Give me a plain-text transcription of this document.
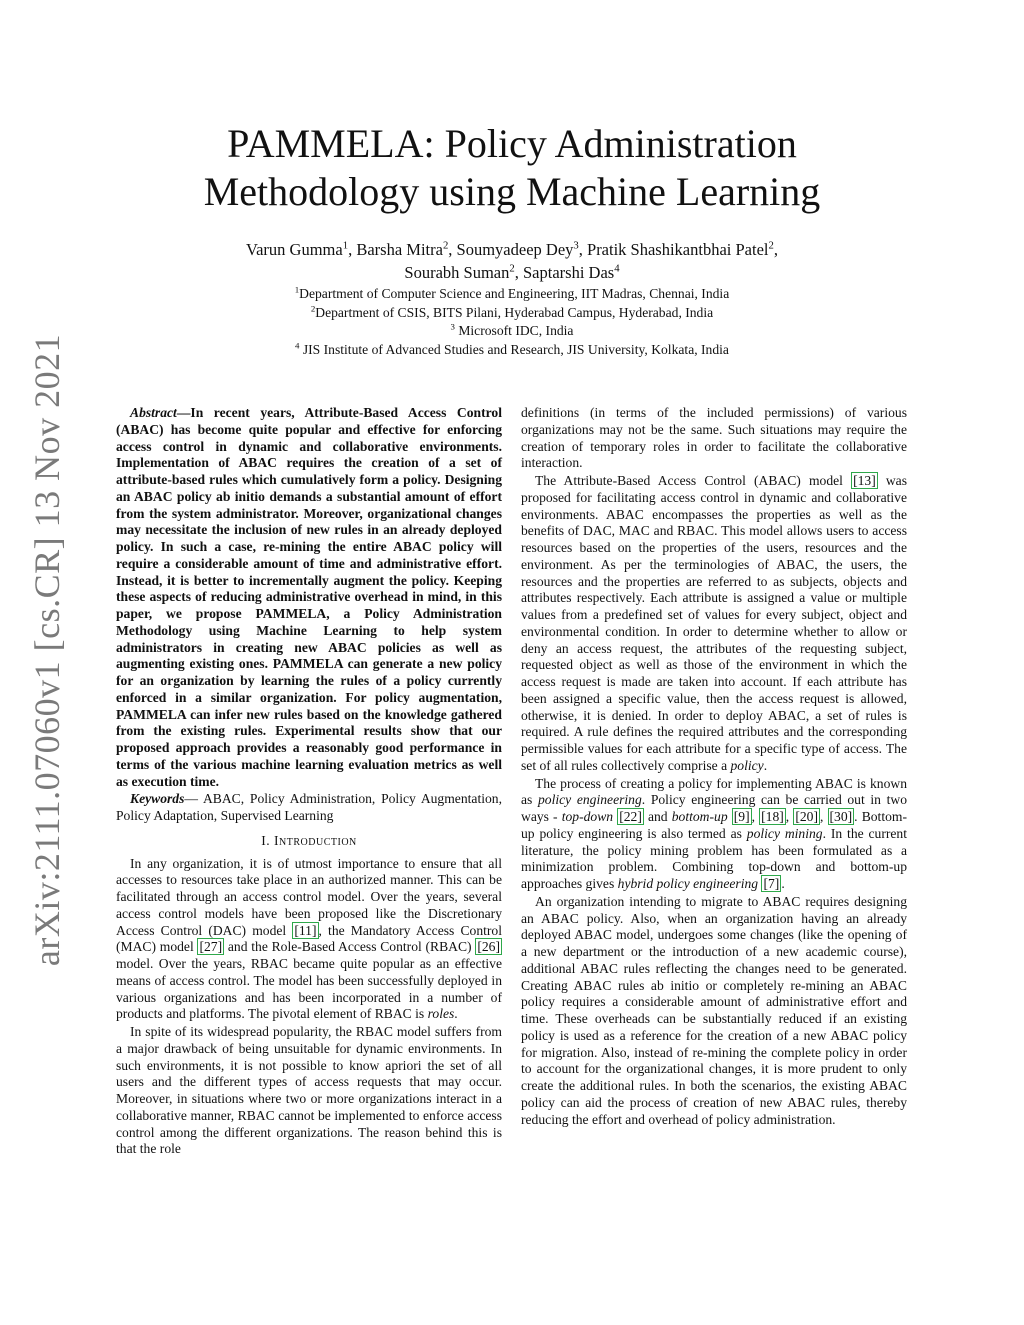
arXiv:2111.07060v1 [cs.CR] 13 Nov 2021
PAMMELA: Policy Administration
Methodology using Machine Learning
Varun Gumma$^1$, Barsha Mitra$^2$, Soumyadeep Dey$^3$, Pratik Shashikantbhai Patel$^2$,
Sourabh Suman$^2$, Saptarshi Das$^4$
$^1$Department of Computer Science and Engineering, IIT Madras, Chennai, India
$^2$Department of CSIS, BITS Pilani, Hyderabad Campus, Hyderabad, India
$^3$ Microsoft IDC, India
$^4$ JIS Institute of Advanced Studies and Research, JIS University, Kolkata, India

Abstract—In recent years, Attribute-Based Access Control (ABAC) has become quite popular and effective for enforcing access control in dynamic and collaborative environments. Implementation of ABAC requires the creation of a set of attribute-based rules which cumulatively form a policy. Designing an ABAC policy ab initio demands a substantial amount of effort from the system administrator. Moreover, organizational changes may necessitate the inclusion of new rules in an already deployed policy. In such a case, re-mining the entire ABAC policy will require a considerable amount of time and administrative effort. Instead, it is better to incrementally augment the policy. Keeping these aspects of reducing administrative overhead in mind, in this paper, we propose PAMMELA, a Policy Administration Methodology using Machine Learning to help system administrators in creating new ABAC policies as well as augmenting existing ones. PAMMELA can generate a new policy for an organization by learning the rules of a policy currently enforced in a similar organization. For policy augmentation, PAMMELA can infer new rules based on the knowledge gathered from the existing rules. Experimental results show that our proposed approach provides a reasonably good performance in terms of the various machine learning evaluation metrics as well as execution time.

Keywords— ABAC, Policy Administration, Policy Augmentation, Policy Adaptation, Supervised Learning

I. Introduction

In any organization, it is of utmost importance to ensure that all accesses to resources take place in an authorized manner. This can be facilitated through an access control model. Over the years, several access control models have been proposed like the Discretionary Access Control (DAC) model [11] , the Mandatory Access Control (MAC) model [27] and the Role-Based Access Control (RBAC) [26] model. Over the years, RBAC became quite popular as an effective means of access control. The model has been successfully deployed in various organizations and has been incorporated in a number of products and platforms. The pivotal element of RBAC is roles.

In spite of its widespread popularity, the RBAC model suffers from a major drawback of being unsuitable for dynamic environments. In such environments, it is not possible to know apriori the set of all users and the different types of access requests that may occur. Moreover, in situations where two or more organizations interact in a collaborative manner, RBAC cannot be implemented to enforce access control among the different organizations. The reason behind this is that the role

definitions (in terms of the included permissions) of various organizations may not be the same. Such situations may require the creation of temporary roles in order to facilitate the collaborative interaction.

The Attribute-Based Access Control (ABAC) model [13] was proposed for facilitating access control in dynamic and collaborative environments. ABAC encompasses the properties as well as the benefits of DAC, MAC and RBAC. This model allows users to access resources based on the properties of the users, resources and the environment. As per the terminologies of ABAC, the users, the resources and the properties are referred to as subjects, objects and attributes respectively. Each attribute is assigned a value or multiple values from a predefined set of values for every subject, object and environmental condition. In order to determine whether to allow or deny an access request, the attributes of the requesting subject, requested object as well as those of the environment in which the access request is made are taken into account. If each attribute has been assigned a specific value, then the access request is allowed, otherwise, it is denied. In order to deploy ABAC, a set of rules is required. A rule defines the required attributes and the corresponding permissible values for each attribute for a specific type of access. The set of all rules collectively comprise a policy.

The process of creating a policy for implementing ABAC is known as policy engineering. Policy engineering can be carried out in two ways - top-down [22] and bottom-up [9] , [18] , [20] , [30] . Bottom-up policy engineering is also termed as policy mining. In the current literature, the policy mining problem has been formulated as a minimization problem. Combining top-down and bottom-up approaches gives hybrid policy engineering [7] .

An organization intending to migrate to ABAC requires designing an ABAC policy. Also, when an organization having an already deployed ABAC model, undergoes some changes (like the opening of a new department or the introduction of a new academic course), additional ABAC rules reflecting the changes need to be generated. Creating ABAC rules ab initio or completely re-mining an ABAC policy requires a considerable amount of administrative effort and time. These overheads can be substantially reduced if an existing policy is used as a reference for the creation of a new ABAC policy for migration. Also, instead of re-mining the complete policy in order to account for the organizational changes, it is more prudent to only create the additional rules. In both the scenarios, the existing ABAC policy can aid the process of creation of new ABAC rules, thereby reducing the effort and overhead of policy administration.
